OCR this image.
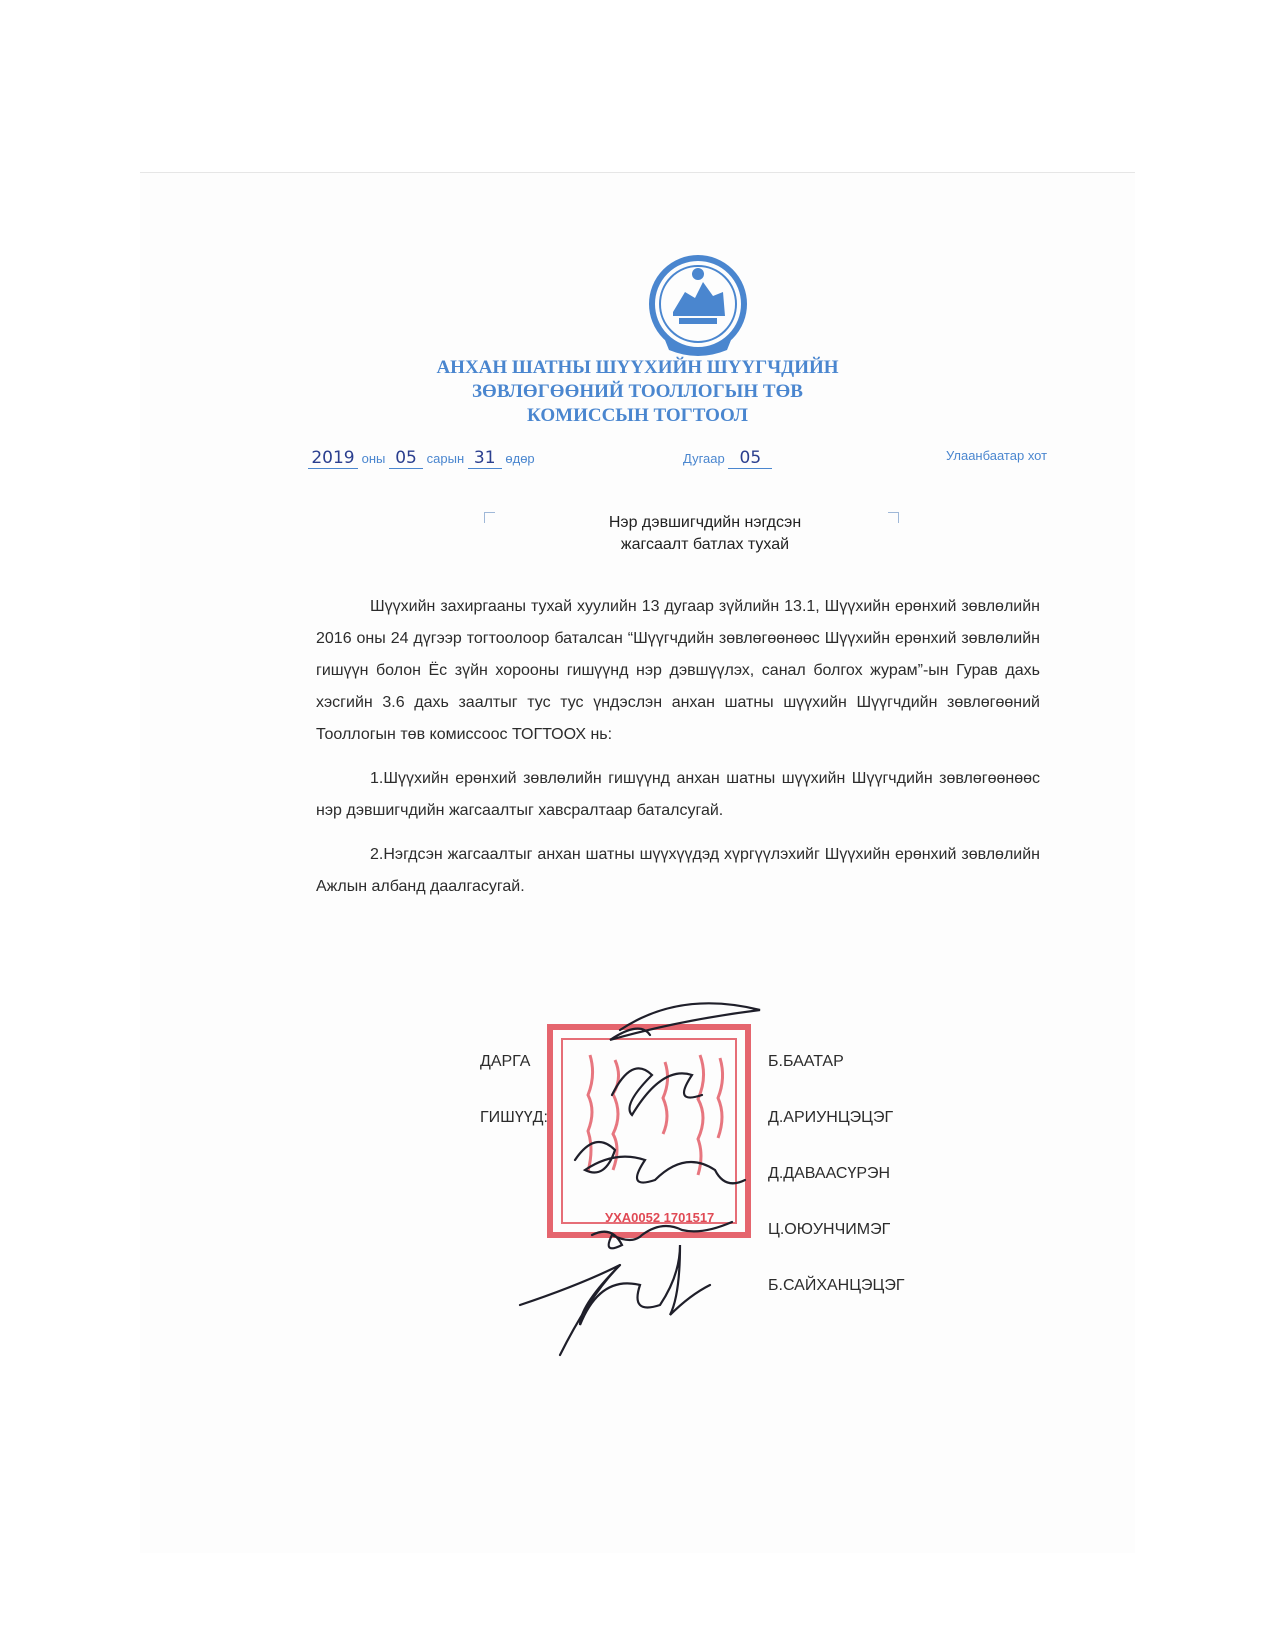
АНХАН ШАТНЫ ШҮҮХИЙН ШҮҮГЧДИЙН
ЗӨВЛӨГӨӨНИЙ ТООЛЛОГЫН ТӨВ
КОМИССЫН ТОГТООЛ
2019 оны 05 сарын 31 өдөр	Дугаар 05	Улаанбаатар хот
Нэр дэвшигчдийн нэгдсэн
жагсаалт батлах тухай

Шүүхийн захиргааны тухай хуулийн 13 дугаар зүйлийн 13.1, Шүүхийн ерөнхий зөвлөлийн 2016 оны 24 дүгээр тогтоолоор баталсан “Шүүгчдийн зөвлөгөөнөөс Шүүхийн ерөнхий зөвлөлийн гишүүн болон Ёс зүйн хорооны гишүүнд нэр дэвшүүлэх, санал болгох журам”-ын Гурав дахь хэсгийн 3.6 дахь заалтыг тус тус үндэслэн анхан шатны шүүхийн Шүүгчдийн зөвлөгөөний Тооллогын төв комиссоос ТОГТООХ нь:

1.Шүүхийн ерөнхий зөвлөлийн гишүүнд анхан шатны шүүхийн Шүүгчдийн зөвлөгөөнөөс нэр дэвшигчдийн жагсаалтыг хавсралтаар баталсугай.

2.Нэгдсэн жагсаалтыг анхан шатны шүүхүүдэд хүргүүлэхийг Шүүхийн ерөнхий зөвлөлийн Ажлын албанд даалгасугай.

УХА0052 1701517
ДАРГА	Б.БААТАР
ГИШҮҮД:	Д.АРИУНЦЭЦЭГ
Д.ДАВААСҮРЭН
Ц.ОЮУНЧИМЭГ
Б.САЙХАНЦЭЦЭГ
